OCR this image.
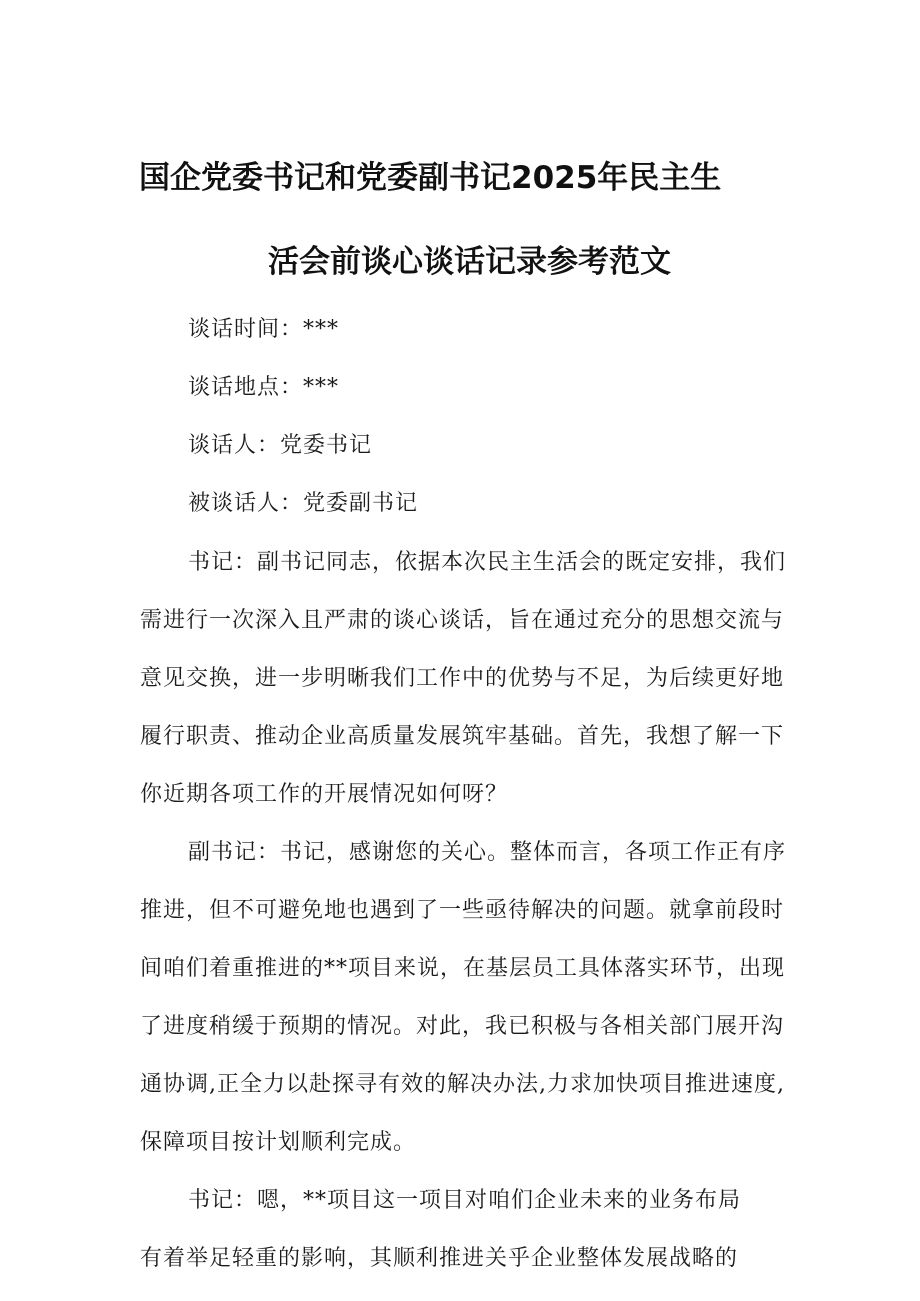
国企党委书记和党委副书记2025年民主生
活会前谈心谈话记录参考范文
谈话时间：***
谈话地点：***
谈话人：党委书记
被谈话人：党委副书记
书记：副书记同志，依据本次民主生活会的既定安排，我们
需进行一次深入且严肃的谈心谈话，旨在通过充分的思想交流与
意见交换，进一步明晰我们工作中的优势与不足，为后续更好地
履行职责、推动企业高质量发展筑牢基础。首先，我想了解一下
你近期各项工作的开展情况如何呀？
副书记：书记，感谢您的关心。整体而言，各项工作正有序
推进，但不可避免地也遇到了一些亟待解决的问题。就拿前段时
间咱们着重推进的**项目来说，在基层员工具体落实环节，出现
了进度稍缓于预期的情况。对此，我已积极与各相关部门展开沟
通协调,正全力以赴探寻有效的解决办法,力求加快项目推进速度,
保障项目按计划顺利完成。
书记：嗯，**项目这一项目对咱们企业未来的业务布局
有着举足轻重的影响，其顺利推进关乎企业整体发展战略的
